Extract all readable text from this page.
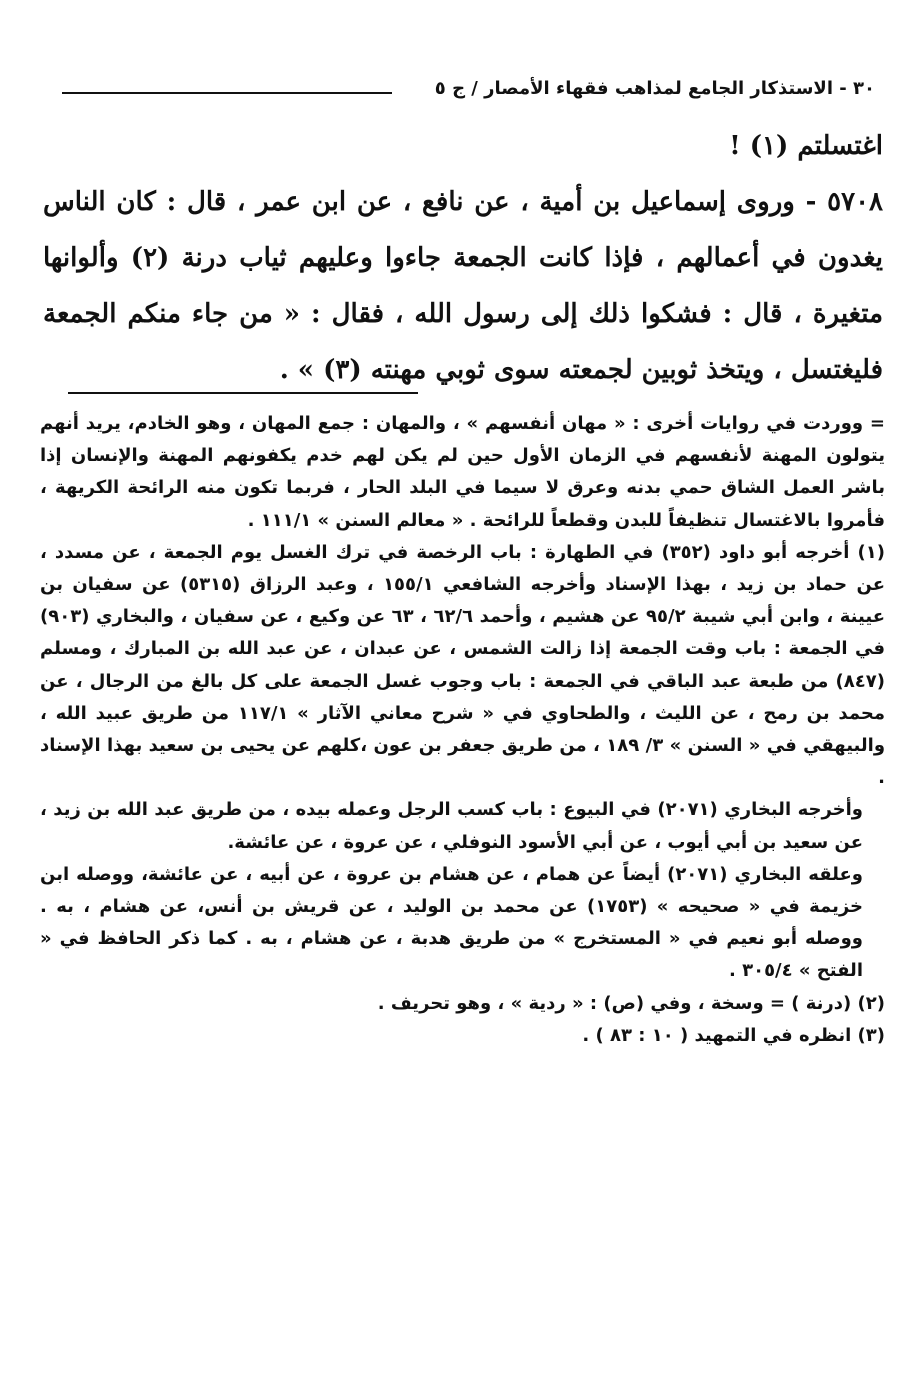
٣٠ - الاستذكار الجامع لمذاهب فقهاء الأمصار / ج ٥

اغتسلتم (١) !

٥٧٠٨ - وروى إسماعيل بن أمية ، عن نافع ، عن ابن عمر ، قال : كان الناس يغدون في أعمالهم ، فإذا كانت الجمعة جاءوا وعليهم ثياب درنة (٢) وألوانها متغيرة ، قال : فشكوا ذلك إلى رسول الله ، فقال : « من جاء منكم الجمعة فليغتسل ، ويتخذ ثوبين لجمعته سوى ثوبي مهنته (٣) » .

= ووردت في روايات أخرى : « مهان أنفسهم » ، والمهان : جمع المهان ، وهو الخادم، يريد أنهم يتولون المهنة لأنفسهم في الزمان الأول حين لم يكن لهم خدم يكفونهم المهنة والإنسان إذا باشر العمل الشاق حمي بدنه وعرق لا سيما في البلد الحار ، فربما تكون منه الرائحة الكريهة ، فأمروا بالاغتسال تنظيفاً للبدن وقطعاً للرائحة . « معالم السنن » ١١١/١ .

(١) أخرجه أبو داود (٣٥٢) في الطهارة : باب الرخصة في ترك الغسل يوم الجمعة ، عن مسدد ، عن حماد بن زيد ، بهذا الإسناد وأخرجه الشافعي ١٥٥/١ ، وعبد الرزاق (٥٣١٥) عن سفيان بن عيينة ، وابن أبي شيبة ٩٥/٢ عن هشيم ، وأحمد ٦٢/٦ ، ٦٣ عن وكيع ، عن سفيان ، والبخاري (٩٠٣) في الجمعة : باب وقت الجمعة إذا زالت الشمس ، عن عبدان ، عن عبد الله بن المبارك ، ومسلم (٨٤٧) من طبعة عبد الباقي في الجمعة : باب وجوب غسل الجمعة على كل بالغ من الرجال ، عن محمد بن رمح ، عن الليث ، والطحاوي في « شرح معاني الآثار » ١١٧/١ من طريق عبيد الله ، والبيهقي في « السنن » ٣/ ١٨٩ ، من طريق جعفر بن عون ،كلهم عن يحيى بن سعيد بهذا الإسناد .

وأخرجه البخاري (٢٠٧١) في البيوع : باب كسب الرجل وعمله بيده ، من طريق عبد الله بن زيد ، عن سعيد بن أبي أيوب ، عن أبي الأسود النوفلي ، عن عروة ، عن عائشة.

وعلقه البخاري (٢٠٧١) أيضاً عن همام ، عن هشام بن عروة ، عن أبيه ، عن عائشة، ووصله ابن خزيمة في « صحيحه » (١٧٥٣) عن محمد بن الوليد ، عن قريش بن أنس، عن هشام ، به . ووصله أبو نعيم في « المستخرج » من طريق هدبة ، عن هشام ، به . كما ذكر الحافظ في « الفتح » ٣٠٥/٤ .

(٢) (درنة ) = وسخة ، وفي (ص) : « ردية » ، وهو تحريف .

(٣) انظره في التمهيد ( ١٠ : ٨٣ ) .
